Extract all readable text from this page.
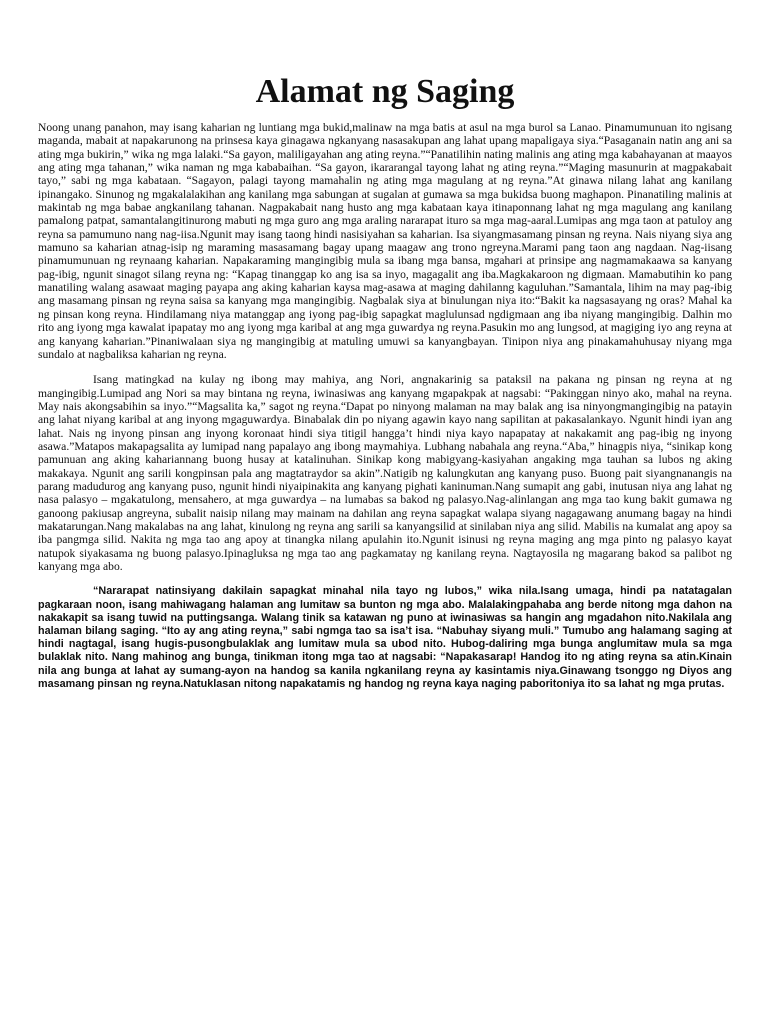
Alamat ng Saging

Noong unang panahon, may isang kaharian ng luntiang mga bukid,malinaw na mga batis at asul na mga burol sa Lanao. Pinamumunuan ito ngisang maganda, mabait at napakarunong na prinsesa kaya ginagawa ngkanyang nasasakupan ang lahat upang mapaligaya siya.“Pasaganain natin ang ani sa ating mga bukirin,” wika ng mga lalaki.“Sa gayon, maliligayahan ang ating reyna.”“Panatilihin nating malinis ang ating mga kabahayanan at maayos ang ating mga tahanan,” wika naman ng mga kababaihan. “Sa gayon, ikararangal tayong lahat ng ating reyna.”“Maging masunurin at magpakabait tayo,” sabi ng mga kabataan. “Sagayon, palagi tayong mamahalin ng ating mga magulang at ng reyna.”At ginawa nilang lahat ang kanilang ipinangako. Sinunog ng mgakalalakihan ang kanilang mga sabungan at sugalan at gumawa sa mga bukidsa buong maghapon. Pinanatiling malinis at makintab ng mga babae angkanilang tahanan. Nagpakabait nang husto ang mga kabataan kaya itinaponnang lahat ng mga magulang ang kanilang pamalong patpat, samantalangitinurong mabuti ng mga guro ang mga araling nararapat ituro sa mga mag-aaral.Lumipas ang mga taon at patuloy ang reyna sa pamumuno nang nag-iisa.Ngunit may isang taong hindi nasisiyahan sa kaharian. Isa siyangmasamang pinsan ng reyna. Nais niyang siya ang mamuno sa kaharian atnag-isip ng maraming masasamang bagay upang maagaw ang trono ngreyna.Marami pang taon ang nagdaan. Nag-iisang pinamumunuan ng reynaang kaharian. Napakaraming mangingibig mula sa ibang mga bansa, mgahari at prinsipe ang nagmamakaawa sa kanyang pag-ibig, ngunit sinagot silang reyna ng: “Kapag tinanggap ko ang isa sa inyo, magagalit ang iba.Magkakaroon ng digmaan. Mamabutihin ko pang manatiling walang asawaat maging payapa ang aking kaharian kaysa mag-asawa at maging dahilanng kaguluhan.”Samantala, lihim na may pag-ibig ang masamang pinsan ng reyna saisa sa kanyang mga mangingibig. Nagbalak siya at binulungan niya ito:“Bakit ka nagsasayang ng oras? Mahal ka ng pinsan kong reyna. Hindilamang niya matanggap ang iyong pag-ibig sapagkat maglulunsad ngdigmaan ang iba niyang mangingibig. Dalhin mo rito ang iyong mga kawalat ipapatay mo ang iyong mga karibal at ang mga guwardya ng reyna.Pasukin mo ang lungsod, at magiging iyo ang reyna at ang kanyang kaharian.”Pinaniwalaan siya ng mangingibig at matuling umuwi sa kanyangbayan. Tinipon niya ang pinakamahuhusay niyang mga sundalo at nagbaliksa kaharian ng reyna.

Isang matingkad na kulay ng ibong may mahiya, ang Nori, angnakarinig sa pataksil na pakana ng pinsan ng reyna at ng mangingibig.Lumipad ang Nori sa may bintana ng reyna, iwinasiwas ang kanyang mgapakpak at nagsabi: “Pakinggan ninyo ako, mahal na reyna. May nais akongsabihin sa inyo.”“Magsalita ka,” sagot ng reyna.“Dapat po ninyong malaman na may balak ang isa ninyongmangingibig na patayin ang lahat niyang karibal at ang inyong mgaguwardya. Binabalak din po niyang agawin kayo nang sapilitan at pakasalankayo. Ngunit hindi iyan ang lahat. Nais ng inyong pinsan ang inyong koronaat hindi siya titigil hangga’t hindi niya kayo napapatay at nakakamit ang pag-ibig ng inyong asawa.”Matapos makapagsalita ay lumipad nang papalayo ang ibong maymahiya. Lubhang nabahala ang reyna.“Aba,” hinagpis niya, “sinikap kong pamunuan ang aking kahariannang buong husay at katalinuhan. Sinikap kong mabigyang-kasiyahan angaking mga tauhan sa lubos ng aking makakaya. Ngunit ang sarili kongpinsan pala ang magtatraydor sa akin”.Natigib ng kalungkutan ang kanyang puso. Buong pait siyangnanangis na parang madudurog ang kanyang puso, ngunit hindi niyaipinakita ang kanyang pighati kaninuman.Nang sumapit ang gabi, inutusan niya ang lahat ng nasa palasyo – mgakatulong, mensahero, at mga guwardya – na lumabas sa bakod ng palasyo.Nag-alinlangan ang mga tao kung bakit gumawa ng ganoong pakiusap angreyna, subalit naisip nilang may mainam na dahilan ang reyna sapagkat walapa siyang nagagawang anumang bagay na hindi makatarungan.Nang makalabas na ang lahat, kinulong ng reyna ang sarili sa kanyangsilid at sinilaban niya ang silid. Mabilis na kumalat ang apoy sa iba pangmga silid. Nakita ng mga tao ang apoy at tinangka nilang apulahin ito.Ngunit isinusi ng reyna maging ang mga pinto ng palasyo kayat natupok siyakasama ng buong palasyo.Ipinagluksa ng mga tao ang pagkamatay ng kanilang reyna. Nagtayosila ng magarang bakod sa palibot ng kanyang mga abo.

“Nararapat natinsiyang dakilain sapagkat minahal nila tayo ng lubos,” wika nila.Isang umaga, hindi pa natatagalan pagkaraan noon, isang mahiwagang halaman ang lumitaw sa bunton ng mga abo. Malalakingpahaba ang berde nitong mga dahon na nakakapit sa isang tuwid na puttingsanga. Walang tinik sa katawan ng puno at iwinasiwas sa hangin ang mgadahon nito.Nakilala ang halaman bilang saging. “Ito ay ang ating reyna,” sabi ngmga tao sa isa’t isa. “Nabuhay siyang muli.” Tumubo ang halamang saging at hindi nagtagal, isang hugis-pusongbulaklak ang lumitaw mula sa ubod nito. Hubog-daliring mga bunga anglumitaw mula sa mga bulaklak nito. Nang mahinog ang bunga, tinikman itong mga tao at nagsabi: “Napakasarap! Handog ito ng ating reyna sa atin.Kinain nila ang bunga at lahat ay sumang-ayon na handog sa kanila ngkanilang reyna ay kasintamis niya.Ginawang tsonggo ng Diyos ang masamang pinsan ng reyna.Natuklasan nitong napakatamis ng handog ng reyna kaya naging paboritoniya ito sa lahat ng mga prutas.
